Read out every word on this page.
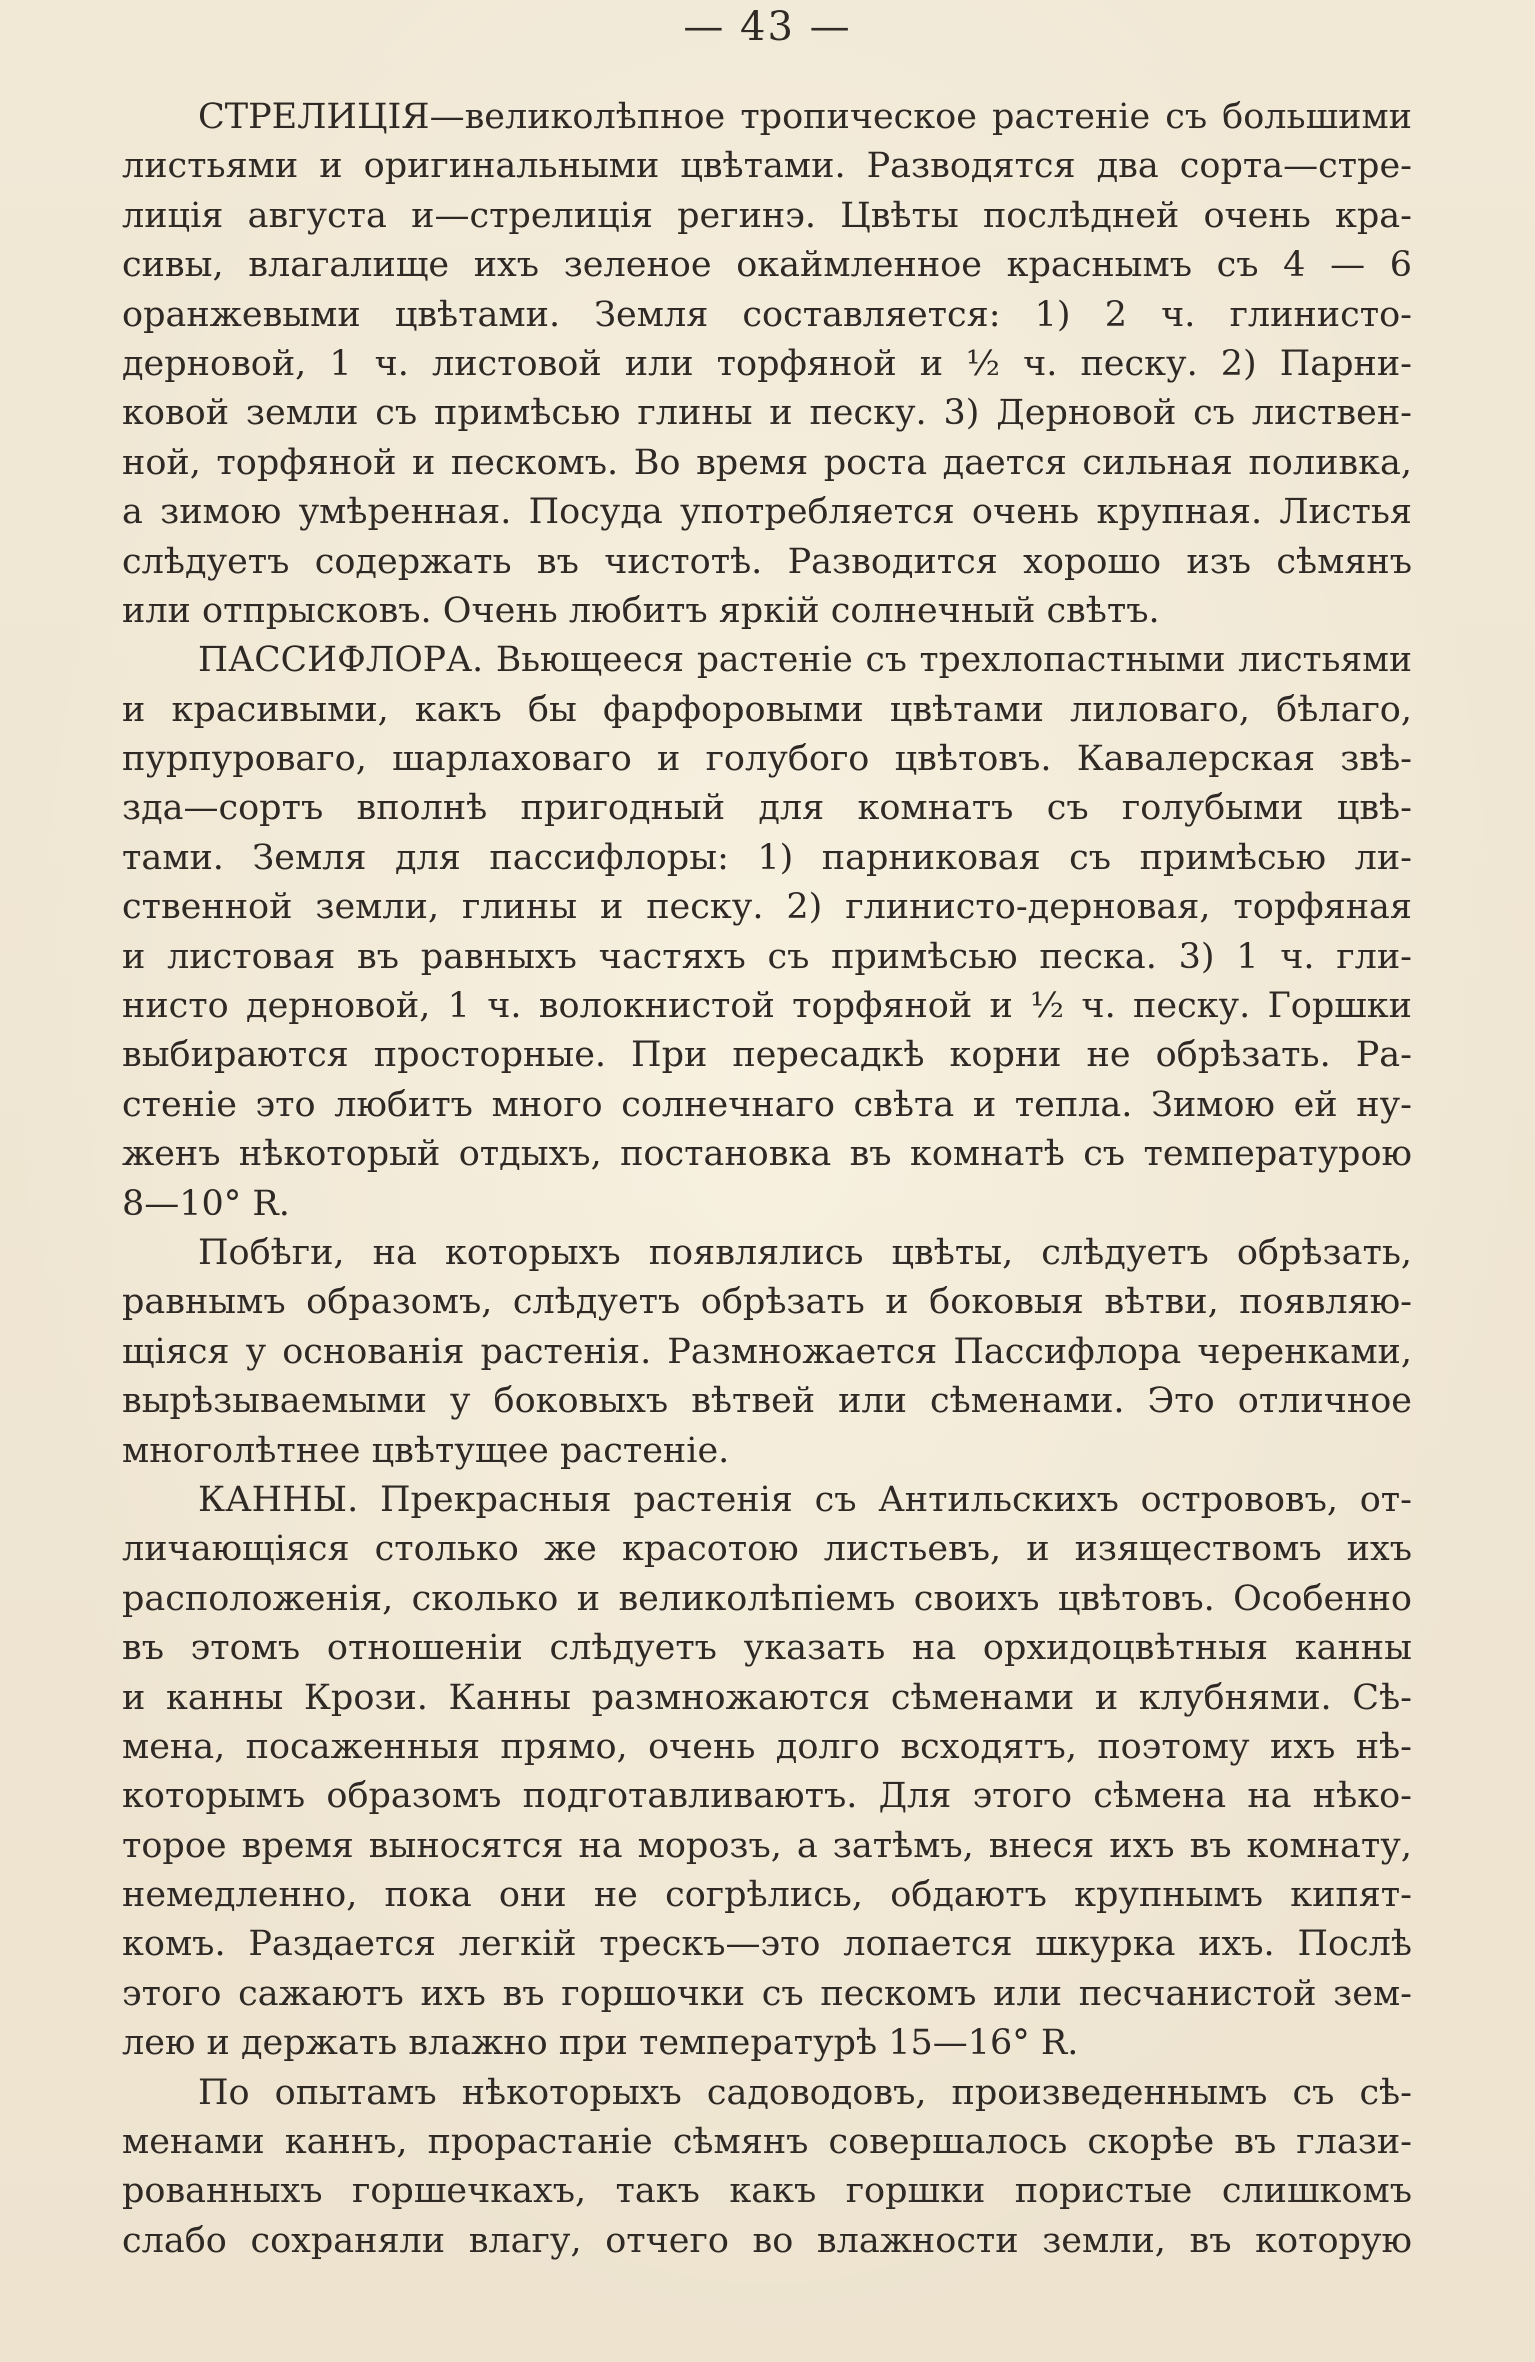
— 43 —
СТРЕЛИЦІЯ—великолѣпное тропическое растеніе съ большими
листьями и оригинальными цвѣтами. Разводятся два сорта—стре-
лиція августа и—стрелиція регинэ. Цвѣты послѣдней очень кра-
сивы, влагалище ихъ зеленое окаймленное краснымъ съ 4 — 6
оранжевыми цвѣтами. Земля составляется: 1) 2 ч. глинисто-
дерновой, 1 ч. листовой или торфяной и ½ ч. песку. 2) Парни-
ковой земли съ примѣсью глины и песку. 3) Дерновой съ листвен-
ной, торфяной и пескомъ. Во время роста дается сильная поливка,
а зимою умѣренная. Посуда употребляется очень крупная. Листья
слѣдуетъ содержать въ чистотѣ. Разводится хорошо изъ сѣмянъ
или отпрысковъ. Очень любитъ яркій солнечный свѣтъ.
ПАССИФЛОРА. Вьющееся растеніе съ трехлопастными листьями
и красивыми, какъ бы фарфоровыми цвѣтами лиловаго, бѣлаго,
пурпуроваго, шарлаховаго и голубого цвѣтовъ. Кавалерская звѣ-
зда—сортъ вполнѣ пригодный для комнатъ съ голубыми цвѣ-
тами. Земля для пассифлоры: 1) парниковая съ примѣсью ли-
ственной земли, глины и песку. 2) глинисто-дерновая, торфяная
и листовая въ равныхъ частяхъ съ примѣсью песка. 3) 1 ч. гли-
нисто дерновой, 1 ч. волокнистой торфяной и ½ ч. песку. Горшки
выбираются просторные. При пересадкѣ корни не обрѣзать. Ра-
стеніе это любитъ много солнечнаго свѣта и тепла. Зимою ей ну-
женъ нѣкоторый отдыхъ, постановка въ комнатѣ съ температурою
8—10° R.
Побѣги, на которыхъ появлялись цвѣты, слѣдуетъ обрѣзать,
равнымъ образомъ, слѣдуетъ обрѣзать и боковыя вѣтви, появляю-
щіяся у основанія растенія. Размножается Пассифлора черенками,
вырѣзываемыми у боковыхъ вѣтвей или сѣменами. Это отличное
многолѣтнее цвѣтущее растеніе.
КАННЫ. Прекрасныя растенія съ Антильскихъ острововъ, от-
личающіяся столько же красотою листьевъ, и изяществомъ ихъ
расположенія, сколько и великолѣпіемъ своихъ цвѣтовъ. Особенно
въ этомъ отношеніи слѣдуетъ указать на орхидоцвѣтныя канны
и канны Крози. Канны размножаются сѣменами и клубнями. Сѣ-
мена, посаженныя прямо, очень долго всходятъ, поэтому ихъ нѣ-
которымъ образомъ подготавливаютъ. Для этого сѣмена на нѣко-
торое время выносятся на морозъ, а затѣмъ, внеся ихъ въ комнату,
немедленно, пока они не согрѣлись, обдаютъ крупнымъ кипят-
комъ. Раздается легкій трескъ—это лопается шкурка ихъ. Послѣ
этого сажаютъ ихъ въ горшочки съ пескомъ или песчанистой зем-
лею и держать влажно при температурѣ 15—16° R.
По опытамъ нѣкоторыхъ садоводовъ, произведеннымъ съ сѣ-
менами каннъ, прорастаніе сѣмянъ совершалось скорѣе въ глази-
рованныхъ горшечкахъ, такъ какъ горшки пористые слишкомъ
слабо сохраняли влагу, отчего во влажности земли, въ которую
